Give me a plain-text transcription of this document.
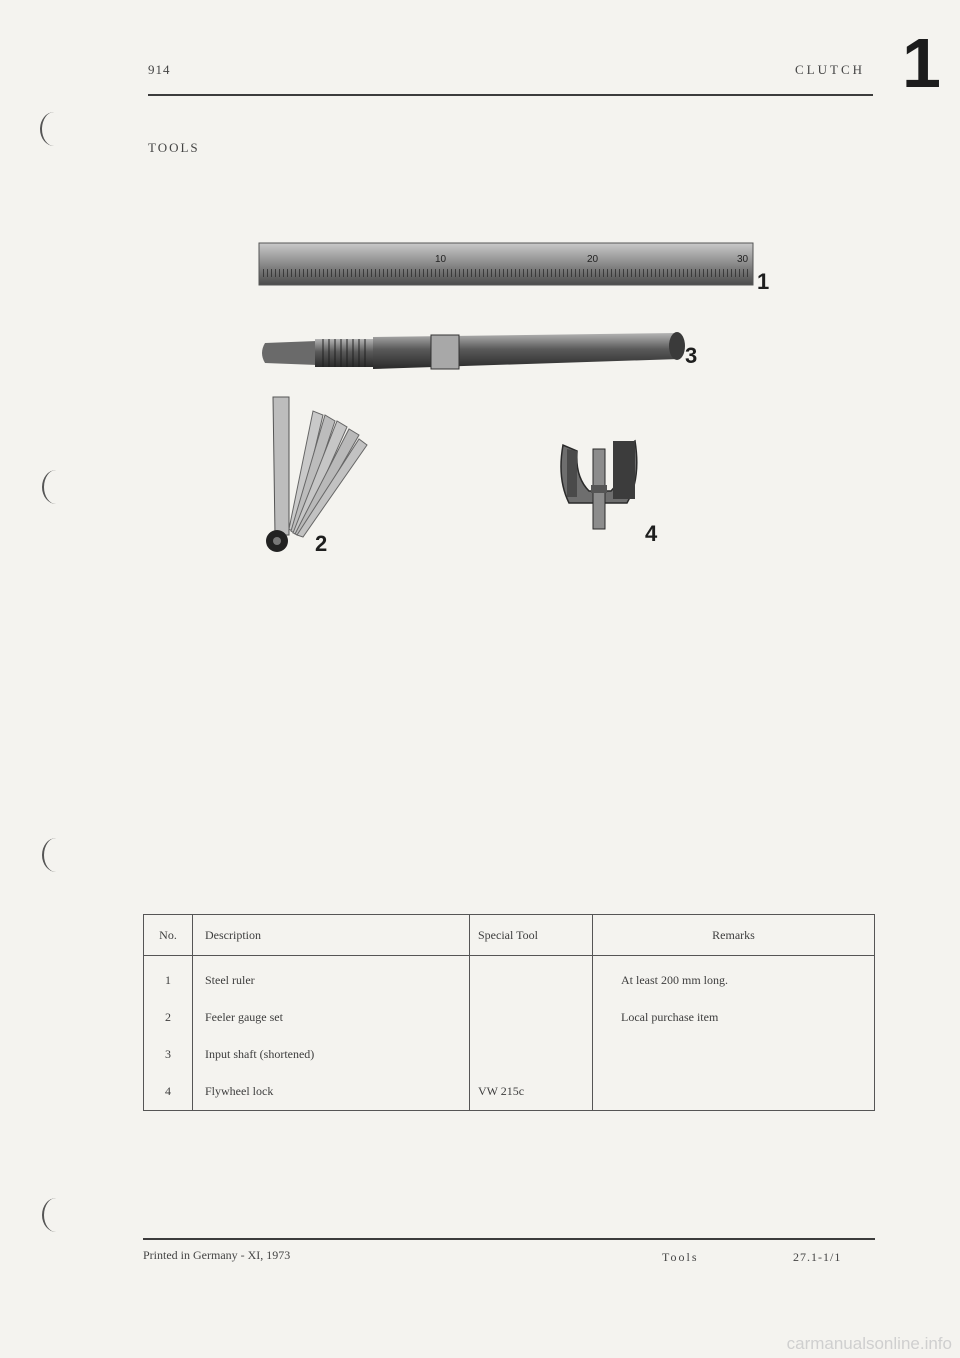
914	CLUTCH 1
TOOLS
10	20	30
1
3
2	4
No.	Description	Special Tool	Remarks
1	Steel ruler		At least 200 mm long.
2	Feeler gauge set		Local purchase item
3	Input shaft (shortened)		
4	Flywheel lock	VW 215c	
Printed in Germany - XI, 1973	Tools	27.1-1/1
carmanualsonline.info
